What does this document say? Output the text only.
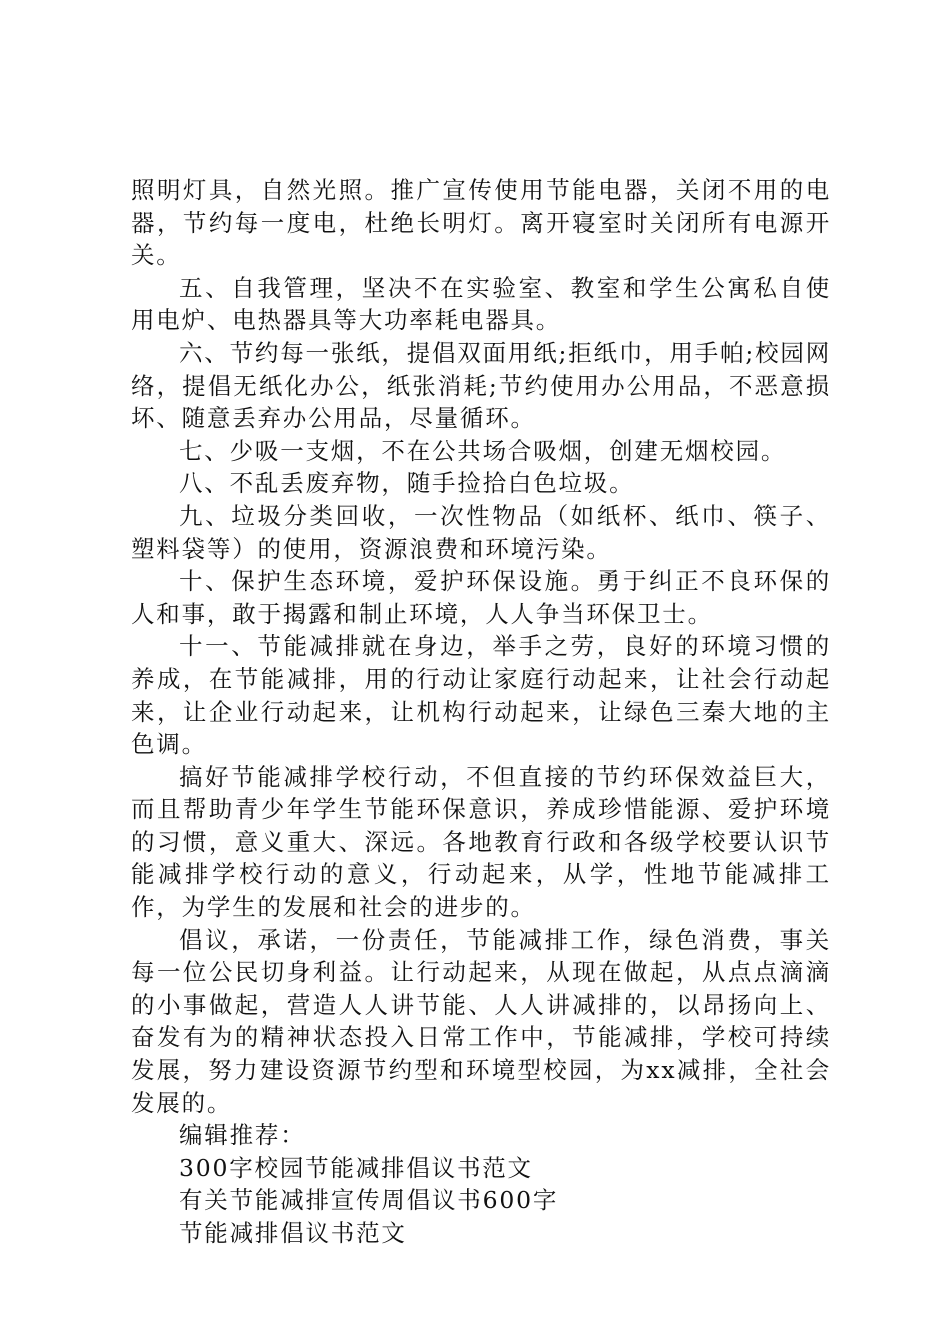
照明灯具，自然光照。推广宣传使用节能电器，关闭不用的电器，节约每一度电，杜绝长明灯。离开寝室时关闭所有电源开关。

五、自我管理，坚决不在实验室、教室和学生公寓私自使用电炉、电热器具等大功率耗电器具。

六、节约每一张纸，提倡双面用纸;拒纸巾，用手帕;校园网络，提倡无纸化办公，纸张消耗;节约使用办公用品，不恶意损坏、随意丢弃办公用品，尽量循环。

七、少吸一支烟，不在公共场合吸烟，创建无烟校园。

八、不乱丢废弃物，随手捡拾白色垃圾。

九、垃圾分类回收，一次性物品（如纸杯、纸巾、筷子、塑料袋等）的使用，资源浪费和环境污染。

十、保护生态环境，爱护环保设施。勇于纠正不良环保的人和事，敢于揭露和制止环境，人人争当环保卫士。

十一、节能减排就在身边，举手之劳，良好的环境习惯的养成，在节能减排，用的行动让家庭行动起来，让社会行动起来，让企业行动起来，让机构行动起来，让绿色三秦大地的主色调。

搞好节能减排学校行动，不但直接的节约环保效益巨大，而且帮助青少年学生节能环保意识，养成珍惜能源、爱护环境的习惯，意义重大、深远。各地教育行政和各级学校要认识节能减排学校行动的意义，行动起来，从学，性地节能减排工作，为学生的发展和社会的进步的。

倡议，承诺，一份责任，节能减排工作，绿色消费，事关每一位公民切身利益。让行动起来，从现在做起，从点点滴滴的小事做起，营造人人讲节能、人人讲减排的，以昂扬向上、奋发有为的精神状态投入日常工作中，节能减排，学校可持续发展，努力建设资源节约型和环境型校园，为xx减排，全社会发展的。

编辑推荐：

300字校园节能减排倡议书范文

有关节能减排宣传周倡议书600字

节能减排倡议书范文
